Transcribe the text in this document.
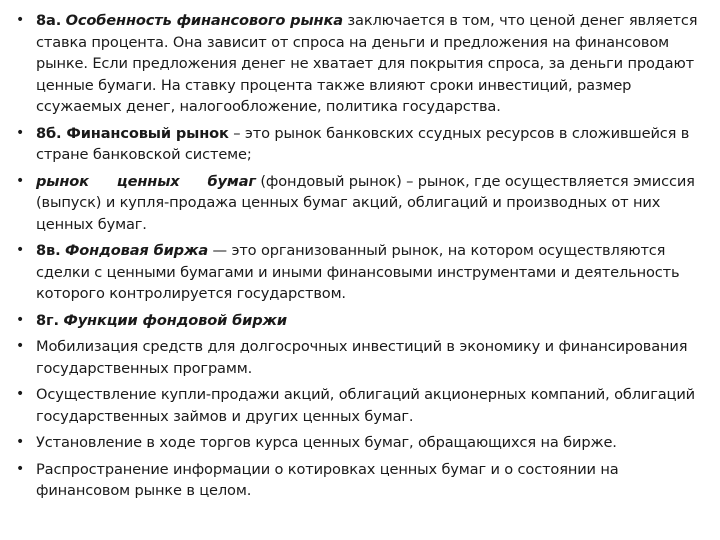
• 8а. Особенность финансового рынка заключается в том, что ценой денег является ставка процента. Она зависит от спроса на деньги и предложения на финансовом рынке. Если предложения денег не хватает для покрытия спроса, за деньги продают ценные бумаги. На ставку процента также влияют сроки инвестиций, размер ссужаемых денег, налогообложение, политика государства.
• 8б. Финансовый рынок – это рынок банковских ссудных ресурсов в сложившейся в стране банковской системе;
• рынок ценных бумаг (фондовый рынок) – рынок, где осуществляется эмиссия (выпуск) и купля-продажа ценных бумаг акций, облигаций и производных от них ценных бумаг.
• 8в. Фондовая биржа — это организованный рынок, на котором осуществляются сделки с ценными бумагами и иными финансовыми инструментами и деятельность которого контролируется государством.
• 8г. Функции фондовой биржи
• Мобилизация средств для долгосрочных инвестиций в экономику и финансирования государственных программ.
• Осуществление купли-продажи акций, облигаций акционерных компаний, облигаций государственных займов и других ценных бумаг.
• Установление в ходе торгов курса ценных бумаг, обращающихся на бирже.
• Распространение информации о котировках ценных бумаг и о состоянии на финансовом рынке в целом.
